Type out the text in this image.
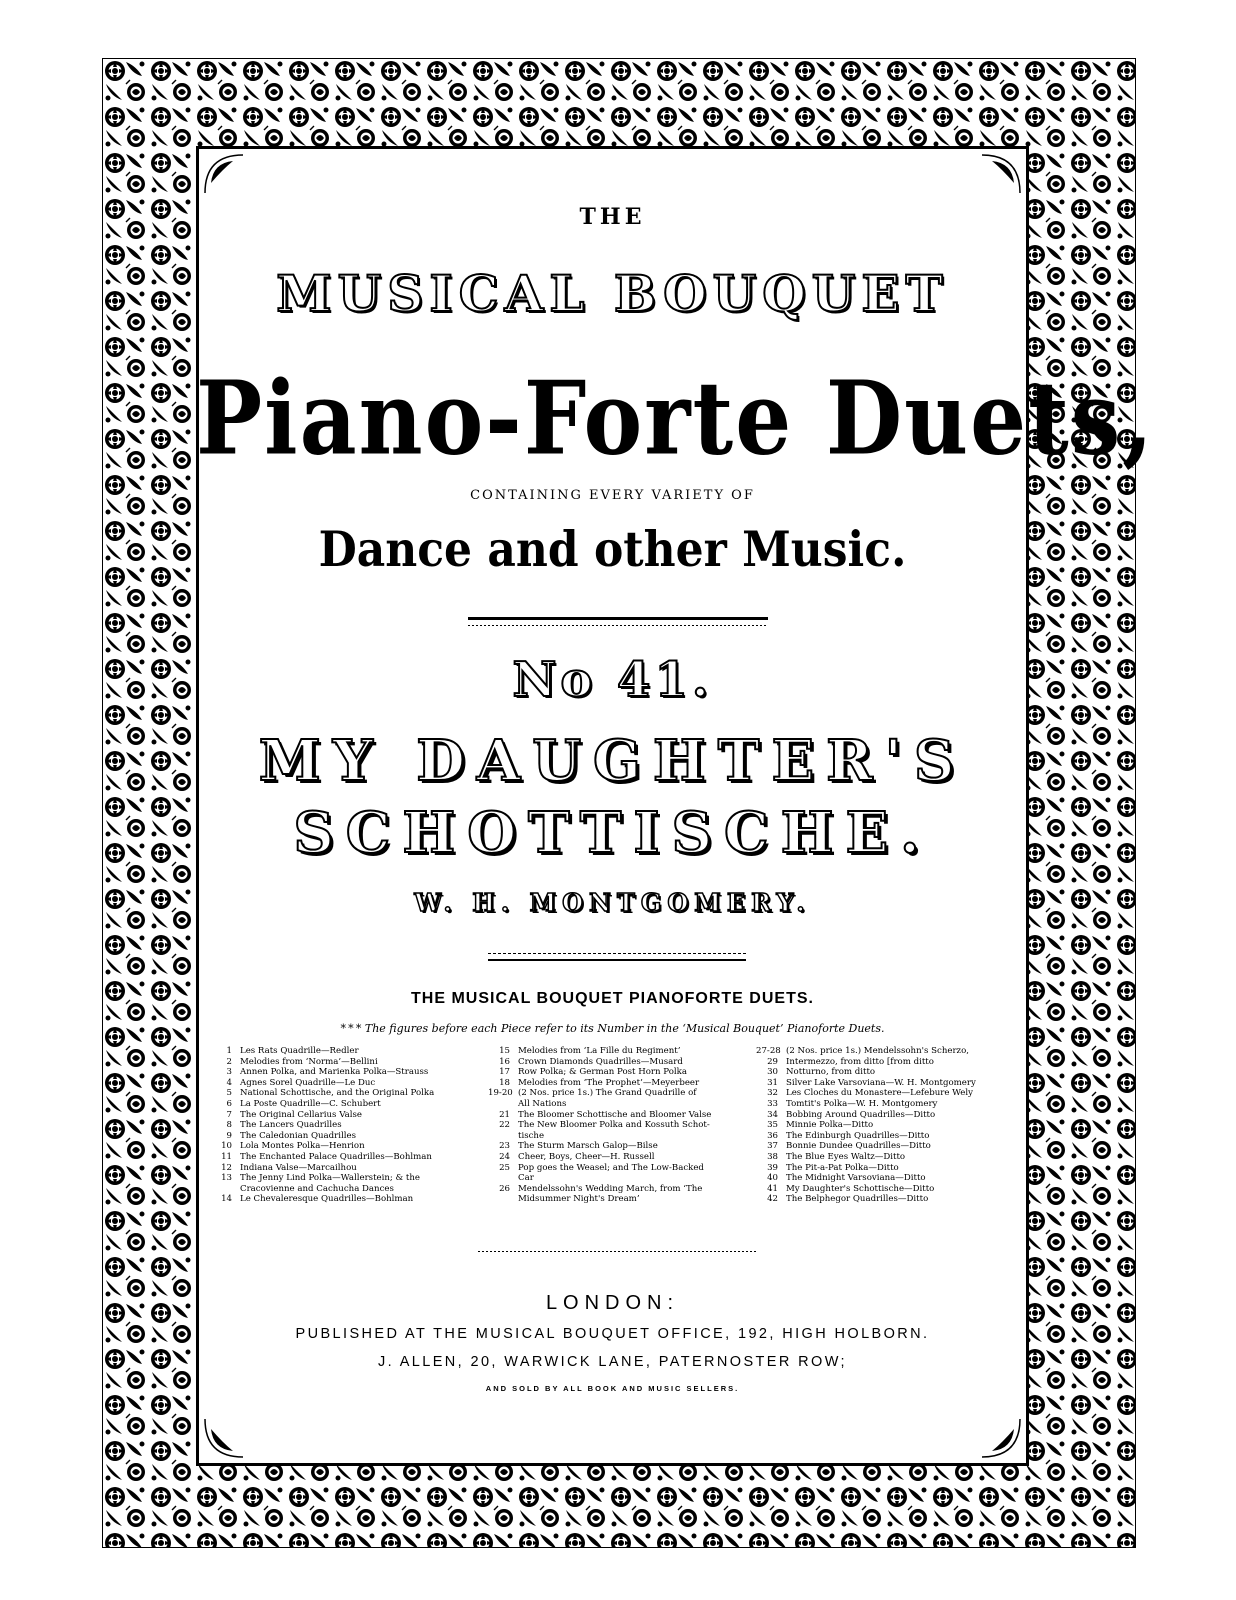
THE
MUSICAL BOUQUET
Piano-Forte Duets,
CONTAINING EVERY VARIETY OF
Dance and other Music.
No 41.
MY DAUGHTER'S
SCHOTTISCHE.
W. H. MONTGOMERY.
THE MUSICAL BOUQUET PIANOFORTE DUETS.
* * * The figures before each Piece refer to its Number in the ‘Musical Bouquet’ Pianoforte Duets.
1 Les Rats Quadrille—Redler
2 Melodies from ‘Norma’—Bellini
3 Annen Polka, and Marienka Polka—Strauss
4 Agnes Sorel Quadrille—Le Duc
5 National Schottische, and the Original Polka
6 La Poste Quadrille—C. Schubert
7 The Original Cellarius Valse
8 The Lancers Quadrilles
9 The Caledonian Quadrilles
10 Lola Montes Polka—Henrion
11 The Enchanted Palace Quadrilles—Bohlman
12 Indiana Valse—Marcailhou
13 The Jenny Lind Polka—Wallerstein; & the
Cracovienne and Cachucha Dances
14 Le Chevaleresque Quadrilles—Bohlman
15 Melodies from ‘La Fille du Regiment’
16 Crown Diamonds Quadrilles—Musard
17 Row Polka; & German Post Horn Polka
18 Melodies from ‘The Prophet’—Meyerbeer
19-20 (2 Nos. price 1s.) The Grand Quadrille of
All Nations
21 The Bloomer Schottische and Bloomer Valse
22 The New Bloomer Polka and Kossuth Schot-
tische
23 The Sturm Marsch Galop—Bilse
24 Cheer, Boys, Cheer—H. Russell
25 Pop goes the Weasel; and The Low-Backed
Car
26 Mendelssohn's Wedding March, from ‘The
Midsummer Night's Dream’
27-28 (2 Nos. price 1s.) Mendelssohn's Scherzo,
29 Intermezzo, from ditto [from ditto
30 Notturno, from ditto
31 Silver Lake Varsoviana—W. H. Montgomery
32 Les Cloches du Monastere—Lefebure Wely
33 Tomtit's Polka—W. H. Montgomery
34 Bobbing Around Quadrilles—Ditto
35 Minnie Polka—Ditto
36 The Edinburgh Quadrilles—Ditto
37 Bonnie Dundee Quadrilles—Ditto
38 The Blue Eyes Waltz—Ditto
39 The Pit-a-Pat Polka—Ditto
40 The Midnight Varsoviana—Ditto
41 My Daughter's Schottische—Ditto
42 The Belphegor Quadrilles—Ditto
LONDON:
PUBLISHED AT THE MUSICAL BOUQUET OFFICE, 192, HIGH HOLBORN.
J. ALLEN, 20, WARWICK LANE, PATERNOSTER ROW;
AND SOLD BY ALL BOOK AND MUSIC SELLERS.
